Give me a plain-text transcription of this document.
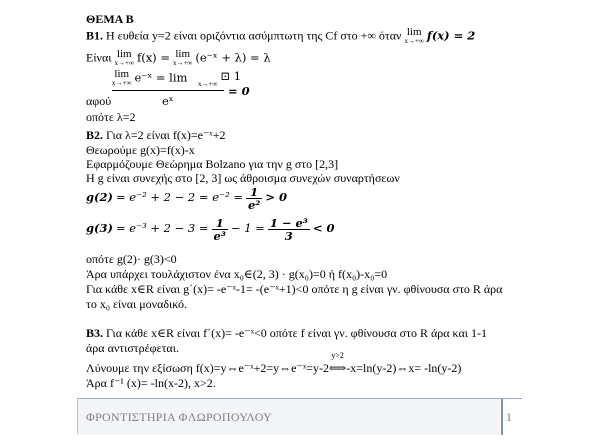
ΘΕΜΑ Β
Β1. Η ευθεία y=2 είναι οριζόντια ασύμπτωτη της Cf στο +∞ όταν lim
x→+∞ f(x) = 2
Είναι lim
x→+∞ f(x) = lim
x→+∞ (e⁻ˣ + λ) = λ
lim
x→+∞ e⁻ˣ = lim x→+∞
⊡ 1
= 0
αφού	eˣ
οπότε λ=2
Β2. Για λ=2 είναι f(x)=e⁻ˣ+2
Θεωρούμε g(x)=f(x)-x
Εφαρμόζουμε Θεώρημα Bolzano για την g στο [2,3]
Η g είναι συνεχής στο [2, 3] ως άθροισμα συνεχών συναρτήσεων
$g(2) = e^{-2} + 2 - 2 = e^{-2} = \frac{1}{\text{e²}} > 0$
$g(3) = e^{-3} + 2 - 3 = \frac{1}{\text{e³}} - 1 = \frac{\text{1 − e³}}{3} < 0$
οπότε g(2)· g(3)<0
Άρα υπάρχει τουλάχιστον ένα x₀∈(2, 3) · g(x₀)=0 ή f(x₀)-x₀=0
Για κάθε x∈R είναι g΄(x)= -e⁻ˣ-1= -(e⁻ˣ+1)<0 οπότε η g είναι γν. φθίνουσα στο R άρα
το x₀ είναι μοναδικό.
Β3. Για κάθε x∈R είναι f΄(x)= -e⁻ˣ<0 οπότε f είναι γν. φθίνουσα στο R άρα και 1-1
άρα αντιστρέφεται.
Λύνουμε την εξίσωση f(x)=y⇔e⁻ˣ+2=y⇔e⁻ˣ=y-2
y>2
⟺-x=ln(y-2)⇔x= -ln(y-2)
Άρα f⁻¹ (x)= -ln(x-2), x>2.
ΦΡΟΝΤΙΣΤΗΡΙΑ ΦΛΩΡΟΠΟΥΛΟΥ	1
